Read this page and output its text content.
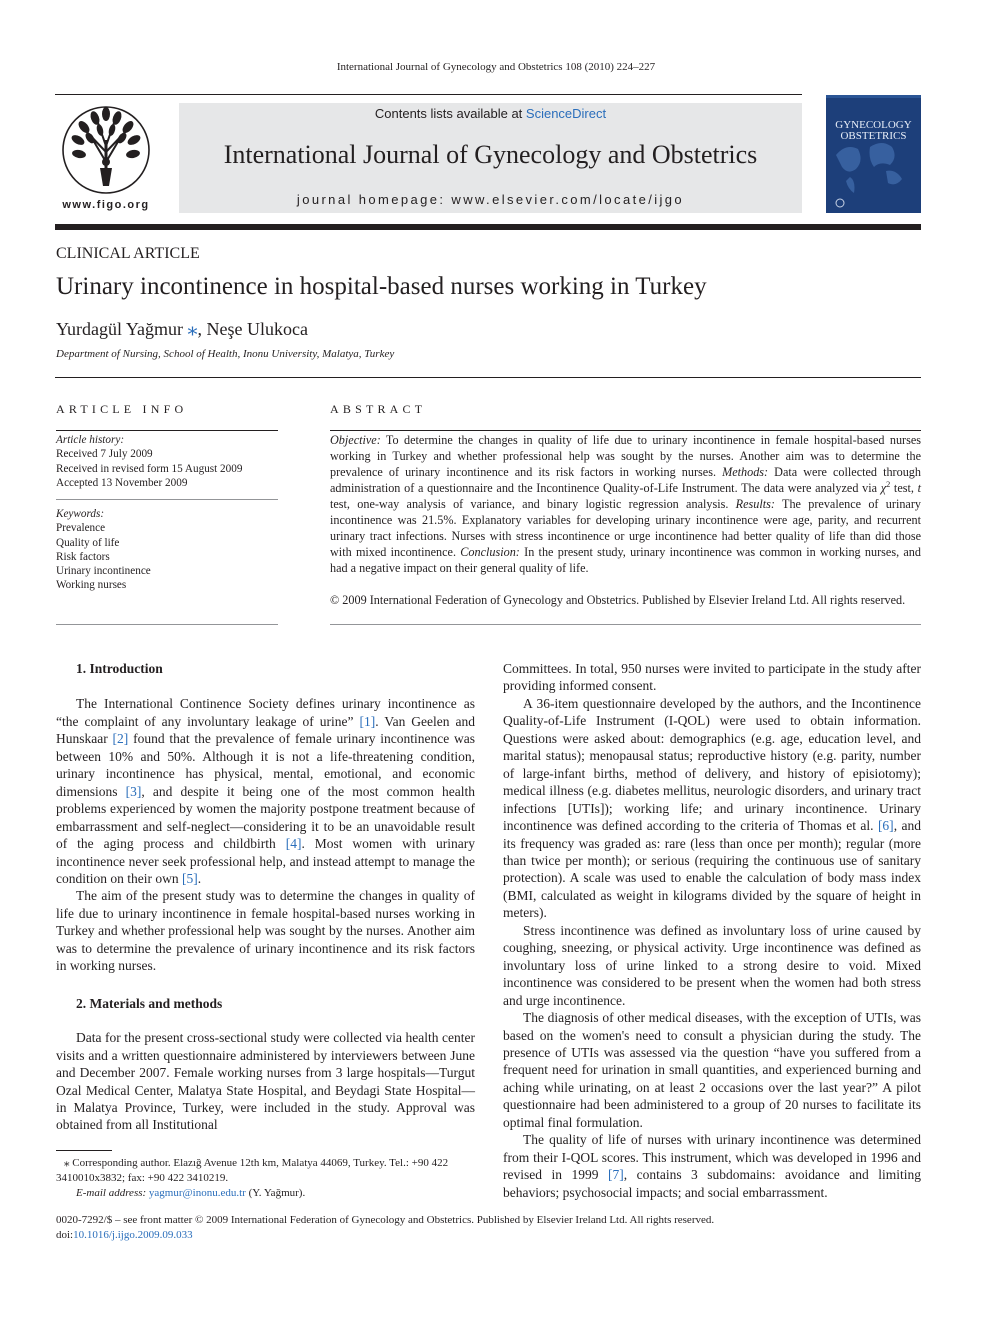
International Journal of Gynecology and Obstetrics 108 (2010) 224–227
www.figo.org
Contents lists available at ScienceDirect
International Journal of Gynecology and Obstetrics
journal homepage: www.elsevier.com/locate/ijgo
GYNECOLOGY
OBSTETRICS
CLINICAL ARTICLE
Urinary incontinence in hospital-based nurses working in Turkey
Yurdagül Yağmur ⁎, Neşe Ulukoca
Department of Nursing, School of Health, Inonu University, Malatya, Turkey
ARTICLE INFO
Article history:
Received 7 July 2009
Received in revised form 15 August 2009
Accepted 13 November 2009
Keywords:
Prevalence
Quality of life
Risk factors
Urinary incontinence
Working nurses
ABSTRACT
Objective: To determine the changes in quality of life due to urinary incontinence in female hospital-based nurses working in Turkey and whether professional help was sought by the nurses. Another aim was to determine the prevalence of urinary incontinence and its risk factors in working nurses. Methods: Data were collected through administration of a questionnaire and the Incontinence Quality-of-Life Instrument. The data were analyzed via $\chi^2$ test, t test, one-way analysis of variance, and binary logistic regression analysis. Results: The prevalence of urinary incontinence was 21.5%. Explanatory variables for developing urinary incontinence were age, parity, and recurrent urinary tract infections. Nurses with stress incontinence or urge incontinence had better quality of life than did those with mixed incontinence. Conclusion: In the present study, urinary incontinence was common in working nurses, and had a negative impact on their general quality of life.
© 2009 International Federation of Gynecology and Obstetrics. Published by Elsevier Ireland Ltd. All rights reserved.

1. Introduction

The International Continence Society defines urinary incontinence as “the complaint of any involuntary leakage of urine” [1]. Van Geelen and Hunskaar [2] found that the prevalence of female urinary incontinence was between 10% and 50%. Although it is not a life-threatening condition, urinary incontinence has physical, mental, emotional, and economic dimensions [3], and despite it being one of the most common health problems experienced by women the majority postpone treatment because of embarrassment and self-neglect—considering it to be an unavoidable result of the aging process and childbirth [4]. Most women with urinary incontinence never seek professional help, and instead attempt to manage the condition on their own [5].

The aim of the present study was to determine the changes in quality of life due to urinary incontinence in female hospital-based nurses working in Turkey and whether professional help was sought by the nurses. Another aim was to determine the prevalence of urinary incontinence and its risk factors in working nurses.

2. Materials and methods

Data for the present cross-sectional study were collected via health center visits and a written questionnaire administered by interviewers between June and December 2007. Female working nurses from 3 large hospitals—Turgut Ozal Medical Center, Malatya State Hospital, and Beydagi State Hospital—in Malatya Province, Turkey, were included in the study. Approval was obtained from all Institutional

⁎ Corresponding author. Elazığ Avenue 12th km, Malatya 44069, Turkey. Tel.: +90 422 3410010x3832; fax: +90 422 3410219.
E-mail address: yagmur@inonu.edu.tr (Y. Yağmur).

Committees. In total, 950 nurses were invited to participate in the study after providing informed consent.

A 36-item questionnaire developed by the authors, and the Incontinence Quality-of-Life Instrument (I-QOL) were used to obtain information. Questions were asked about: demographics (e.g. age, education level, and marital status); menopausal status; reproductive history (e.g. parity, number of large-infant births, method of delivery, and history of episiotomy); medical illness (e.g. diabetes mellitus, neurologic disorders, and urinary tract infections [UTIs]); working life; and urinary incontinence. Urinary incontinence was defined according to the criteria of Thomas et al. [6], and its frequency was graded as: rare (less than once per month); regular (more than twice per month); or serious (requiring the continuous use of sanitary protection). A scale was used to enable the calculation of body mass index (BMI, calculated as weight in kilograms divided by the square of height in meters).

Stress incontinence was defined as involuntary loss of urine caused by coughing, sneezing, or physical activity. Urge incontinence was defined as involuntary loss of urine linked to a strong desire to void. Mixed incontinence was considered to be present when the women had both stress and urge incontinence.

The diagnosis of other medical diseases, with the exception of UTIs, was based on the women's need to consult a physician during the study. The presence of UTIs was assessed via the question “have you suffered from a frequent need for urination in small quantities, and experienced burning and aching while urinating, on at least 2 occasions over the last year?” A pilot questionnaire had been administered to a group of 20 nurses to facilitate its optimal final formulation.

The quality of life of nurses with urinary incontinence was determined from their I-QOL scores. This instrument, which was developed in 1996 and revised in 1999 [7], contains 3 subdomains: avoidance and limiting behaviors; psychosocial impacts; and social embarrassment.

0020-7292/$ – see front matter © 2009 International Federation of Gynecology and Obstetrics. Published by Elsevier Ireland Ltd. All rights reserved.
doi:10.1016/j.ijgo.2009.09.033
